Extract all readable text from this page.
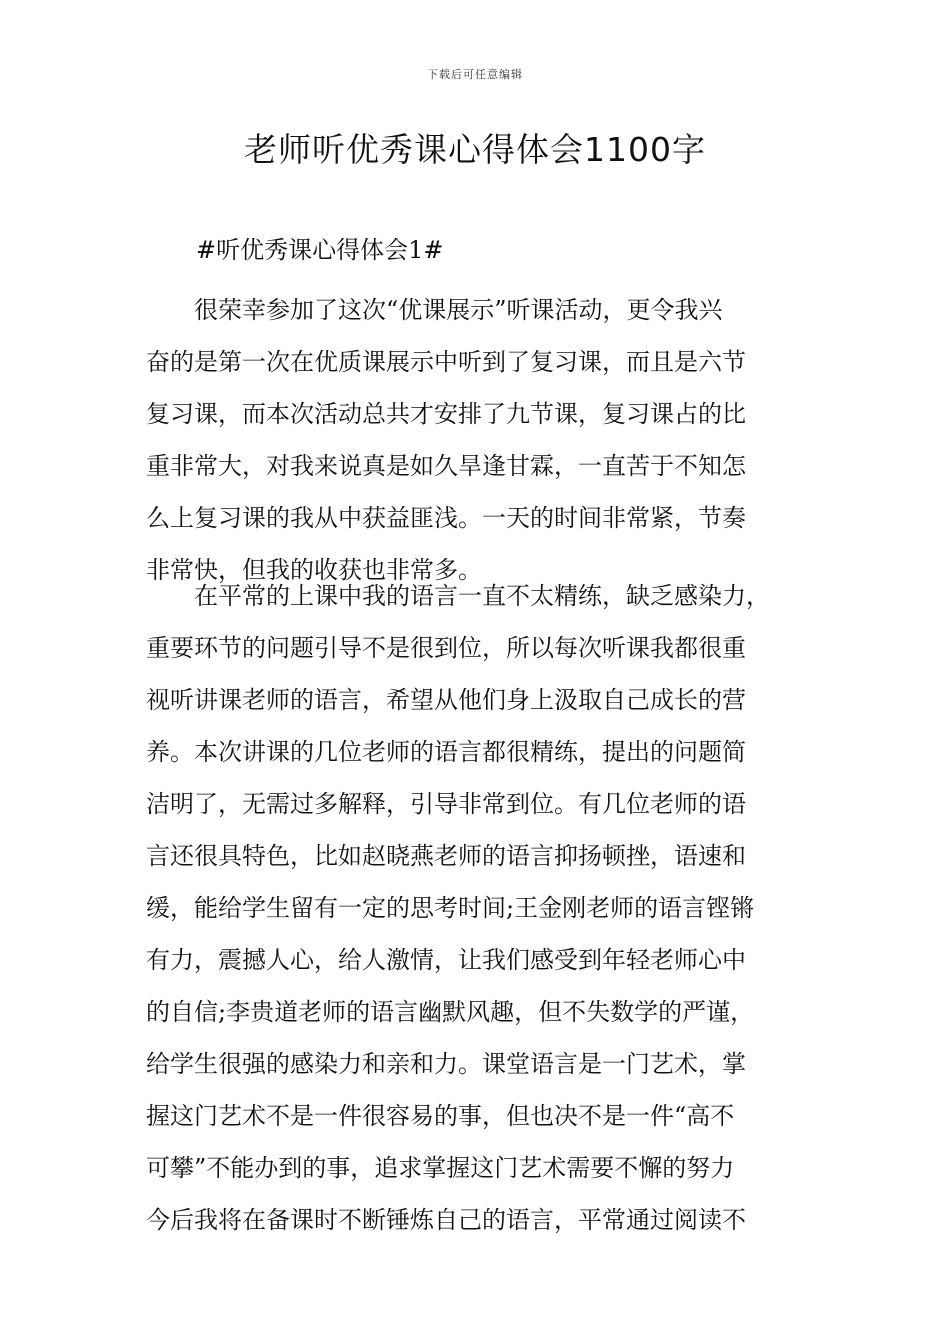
下载后可任意编辑
老师听优秀课心得体会1100字
#听优秀课心得体会1#
　　很荣幸参加了这次“优课展示”听课活动，更令我兴
奋的是第一次在优质课展示中听到了复习课，而且是六节
复习课，而本次活动总共才安排了九节课，复习课占的比
重非常大，对我来说真是如久旱逢甘霖，一直苦于不知怎
么上复习课的我从中获益匪浅。一天的时间非常紧，节奏
非常快，但我的收获也非常多。
　　在平常的上课中我的语言一直不太精练，缺乏感染力，
重要环节的问题引导不是很到位，所以每次听课我都很重
视听讲课老师的语言，希望从他们身上汲取自己成长的营
养。本次讲课的几位老师的语言都很精练，提出的问题简
洁明了，无需过多解释，引导非常到位。有几位老师的语
言还很具特色，比如赵晓燕老师的语言抑扬顿挫，语速和
缓，能给学生留有一定的思考时间;王金刚老师的语言铿锵
有力，震撼人心，给人激情，让我们感受到年轻老师心中
的自信;李贵道老师的语言幽默风趣，但不失数学的严谨，
给学生很强的感染力和亲和力。课堂语言是一门艺术，掌
握这门艺术不是一件很容易的事，但也决不是一件“高不
可攀”不能办到的事，追求掌握这门艺术需要不懈的努力
今后我将在备课时不断锤炼自己的语言，平常通过阅读不
